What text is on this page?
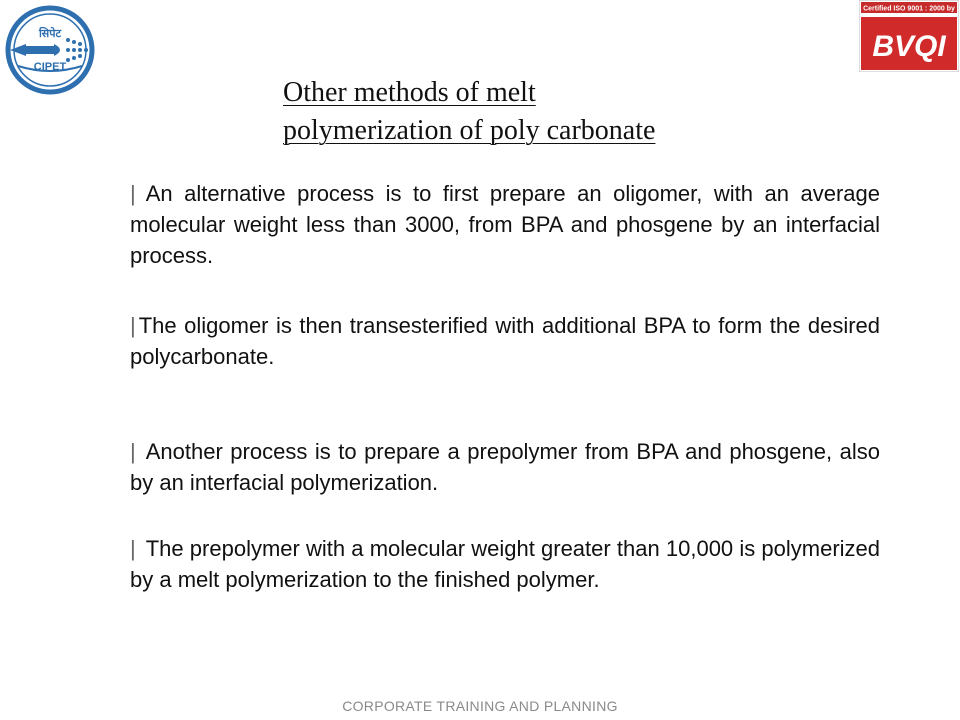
सिपेट
CIPET
Certified ISO 9001 : 2000 by
BVQI
Other methods of melt
polymerization of poly carbonate
| An alternative process is to first prepare an oligomer, with an average molecular weight less than 3000, from BPA and phosgene by an interfacial process.
| The oligomer is then transesterified with additional BPA to form the desired polycarbonate.
| Another process is to prepare a prepolymer from BPA and phosgene, also by an interfacial polymerization.
| The prepolymer with a molecular weight greater than 10,000 is polymerized by a melt polymerization to the finished polymer.
CORPORATE TRAINING AND PLANNING
